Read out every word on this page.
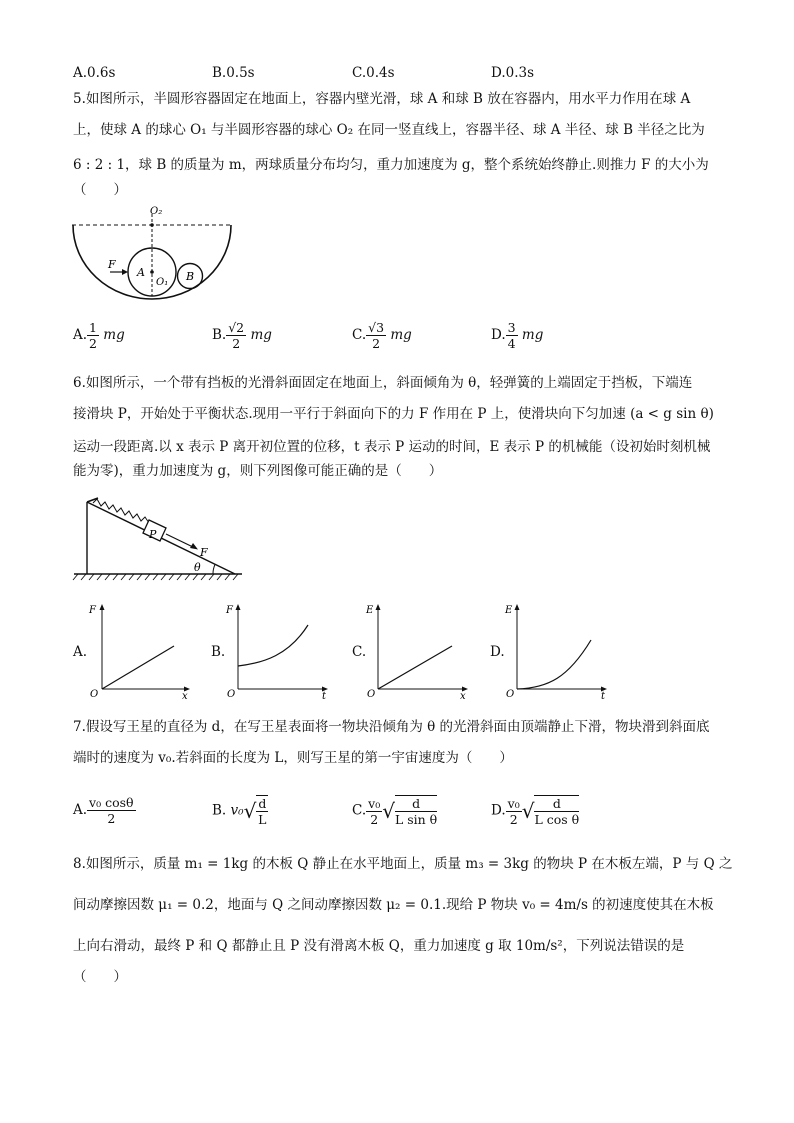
A.0.6s	B.0.5s	C.0.4s	D.0.3s
5.如图所示，半圆形容器固定在地面上，容器内壁光滑，球 A 和球 B 放在容器内，用水平力作用在球 A
上，使球 A 的球心 O₁ 与半圆形容器的球心 O₂ 在同一竖直线上，容器半径、球 A 半径、球 B 半径之比为
6 : 2 : 1，球 B 的质量为 m，两球质量分布均匀，重力加速度为 g，整个系统始终静止.则推力 F 的大小为
（　　）
O₂
F
A
O₁ B
A. $\frac{1}{2}$ mg	B. $\frac{√2}{2}$ mg	C. $\frac{√3}{2}$ mg	D. $\frac{3}{4}$ mg
6.如图所示，一个带有挡板的光滑斜面固定在地面上，斜面倾角为 θ，轻弹簧的上端固定于挡板，下端连
接滑块 P，开始处于平衡状态.现用一平行于斜面向下的力 F 作用在 P 上，使滑块向下匀加速 (a < g sin θ)
运动一段距离.以 x 表示 P 离开初位置的位移，t 表示 P 运动的时间，E 表示 P 的机械能（设初始时刻机械
能为零)，重力加速度为 g，则下列图像可能正确的是（　　）
P
F
θ
A.
F
x
O
B.
F
t
O
C.
E
x
O
D.
E
t
O
7.假设写王星的直径为 d，在写王星表面将一物块沿倾角为 θ 的光滑斜面由顶端静止下滑，物块滑到斜面底
端时的速度为 v₀.若斜面的长度为 L，则写王星的第一宇宙速度为（　　）
A. $\frac{\text{v₀ cosθ}}{2}$	B. $v_0√ \frac{d}{L}$	C. $\frac{\text{v₀}}{2}$ √ $\frac{d}{\text{L sin θ}}$	D. $\frac{\text{v₀}}{2}$ √ $\frac{d}{\text{L cos θ}}$
8.如图所示，质量 m₁ = 1kg 的木板 Q 静止在水平地面上，质量 m₃ = 3kg 的物块 P 在木板左端，P 与 Q 之
间动摩擦因数 μ₁ = 0.2，地面与 Q 之间动摩擦因数 μ₂ = 0.1.现给 P 物块 v₀ = 4m/s 的初速度使其在木板
上向右滑动，最终 P 和 Q 都静止且 P 没有滑离木板 Q，重力加速度 g 取 10m/s²，下列说法错误的是
（　　）
